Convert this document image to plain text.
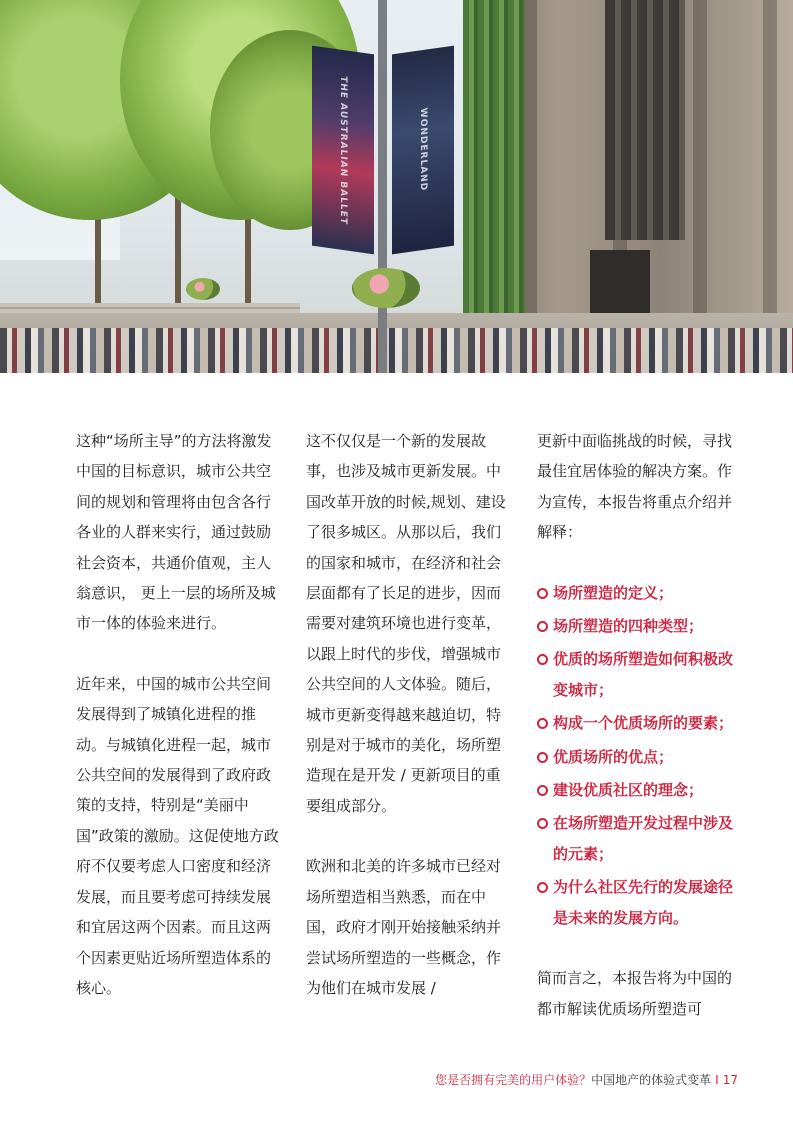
THE AUSTRALIAN BALLET	WONDERLAND

这种“场所主导”的方法将激发中国的目标意识，城市公共空间的规划和管理将由包含各行各业的人群来实行，通过鼓励社会资本，共通价值观，主人翁意识， 更上一层的场所及城市一体的体验来进行。

近年来，中国的城市公共空间发展得到了城镇化进程的推动。与城镇化进程一起，城市公共空间的发展得到了政府政策的支持，特别是“美丽中国”政策的激励。这促使地方政府不仅要考虑人口密度和经济发展，而且要考虑可持续发展和宜居这两个因素。而且这两个因素更贴近场所塑造体系的核心。

这不仅仅是一个新的发展故事，也涉及城市更新发展。中国改革开放的时候,规划、建设了很多城区。从那以后，我们的国家和城市，在经济和社会层面都有了长足的进步，因而需要对建筑环境也进行变革，以跟上时代的步伐，增强城市公共空间的人文体验。随后，城市更新变得越来越迫切，特别是对于城市的美化，场所塑造现在是开发 / 更新项目的重要组成部分。

欧洲和北美的许多城市已经对场所塑造相当熟悉，而在中国，政府才刚开始接触采纳并尝试场所塑造的一些概念，作为他们在城市发展 /

更新中面临挑战的时候，寻找最佳宜居体验的解决方案。作为宣传，本报告将重点介绍并解释：

场所塑造的定义；
场所塑造的四种类型；
优质的场所塑造如何积极改变城市；
构成一个优质场所的要素；
优质场所的优点；
建设优质社区的理念；
在场所塑造开发过程中涉及的元素；
为什么社区先行的发展途径是未来的发展方向。

简而言之，本报告将为中国的都市解读优质场所塑造可

您是否拥有完美的用户体验？中国地产的体验式变革 I 17
